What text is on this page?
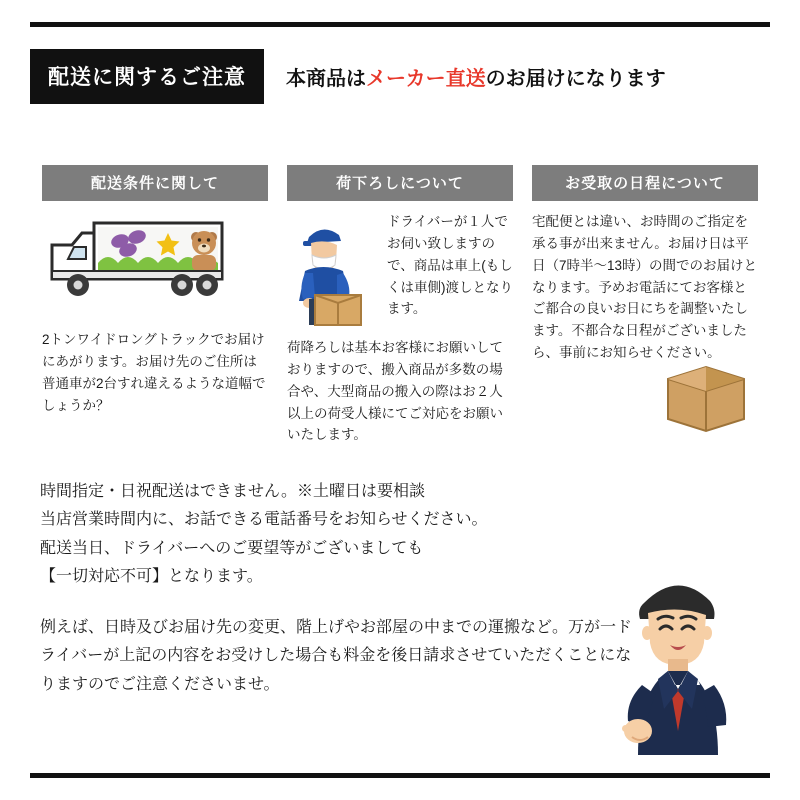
配送に関するご注意	本商品はメーカー直送のお届けになります
配送条件に関して
2トンワイドロングトラックでお届けにあがります。お届け先のご住所は普通車が2台すれ違えるような道幅でしょうか？
荷下ろしについて
ドライバーが１人でお伺い致しますので、商品は車上(もしくは車側)渡しとなります。
荷降ろしは基本お客様にお願いしておりますので、搬入商品が多数の場合や、大型商品の搬入の際はお２人以上の荷受人様にてご対応をお願いいたします。
お受取の日程について
宅配便とは違い、お時間のご指定を承る事が出来ません。お届け日は平日（7時半〜13時）の間でのお届けとなります。予めお電話にてお客様とご都合の良いお日にちを調整いたします。不都合な日程がございましたら、事前にお知らせください。
時間指定・日祝配送はできません。※土曜日は要相談
当店営業時間内に、お話できる電話番号をお知らせください。
配送当日、ドライバーへのご要望等がございましても
【一切対応不可】となります。
例えば、日時及びお届け先の変更、階上げやお部屋の中までの運搬など。万が一ドライバーが上記の内容をお受けした場合も料金を後日請求させていただくことになりますのでご注意くださいませ。
